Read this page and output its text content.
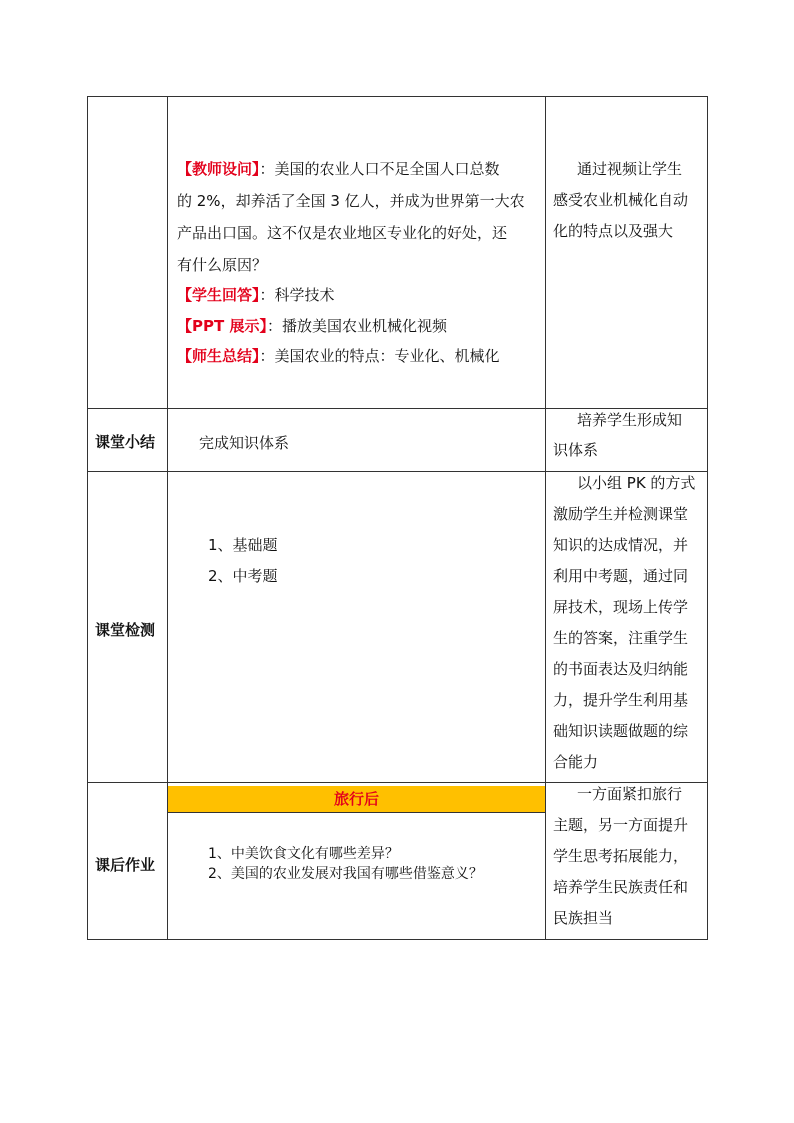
【教师设问】：美国的农业人口不足全国人口总数
的 2%，却养活了全国 3 亿人，并成为世界第一大农
产品出口国。这不仅是农业地区专业化的好处，还
有什么原因？
【学生回答】：科学技术
【PPT 展示】：播放美国农业机械化视频
【师生总结】：美国农业的特点：专业化、机械化
通过视频让学生
感受农业机械化自动
化的特点以及强大
课堂小结	完成知识体系
培养学生形成知
识体系
课堂检测
1、基础题
2、中考题
以小组 PK 的方式
激励学生并检测课堂
知识的达成情况，并
利用中考题，通过同
屏技术，现场上传学
生的答案，注重学生
的书面表达及归纳能
力，提升学生利用基
础知识读题做题的综
合能力
课后作业
旅行后
1、中美饮食文化有哪些差异？
2、美国的农业发展对我国有哪些借鉴意义？
一方面紧扣旅行
主题，另一方面提升
学生思考拓展能力，
培养学生民族责任和
民族担当
